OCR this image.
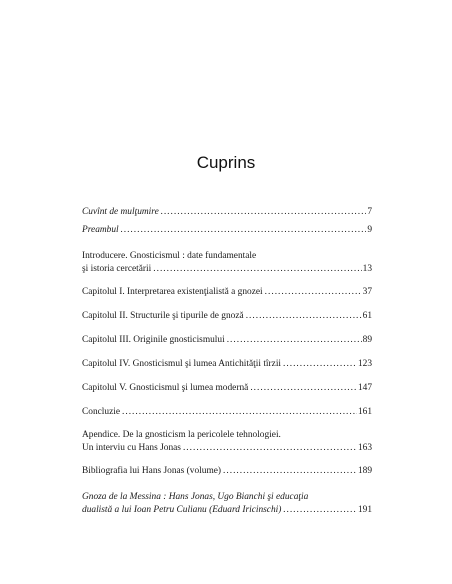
Cuprins
Cuvînt de mulţumire .....	7
Preambul .....	9
Introducere. Gnosticismul : date fundamentale
şi istoria cercetării .....	13
Capitolul I. Interpretarea existenţialistă a gnozei .....	37
Capitolul II. Structurile şi tipurile de gnoză .....	61
Capitolul III. Originile gnosticismului .....	89
Capitolul IV. Gnosticismul şi lumea Antichităţii tîrzii .....	123
Capitolul V. Gnosticismul şi lumea modernă .....	147
Concluzie .....	161
Apendice. De la gnosticism la pericolele tehnologiei.
Un interviu cu Hans Jonas .....	163
Bibliografia lui Hans Jonas (volume) .....	189
Gnoza de la Messina : Hans Jonas, Ugo Bianchi şi educaţia
dualistă a lui Ioan Petru Culianu (Eduard Iricinschi) .....	191
